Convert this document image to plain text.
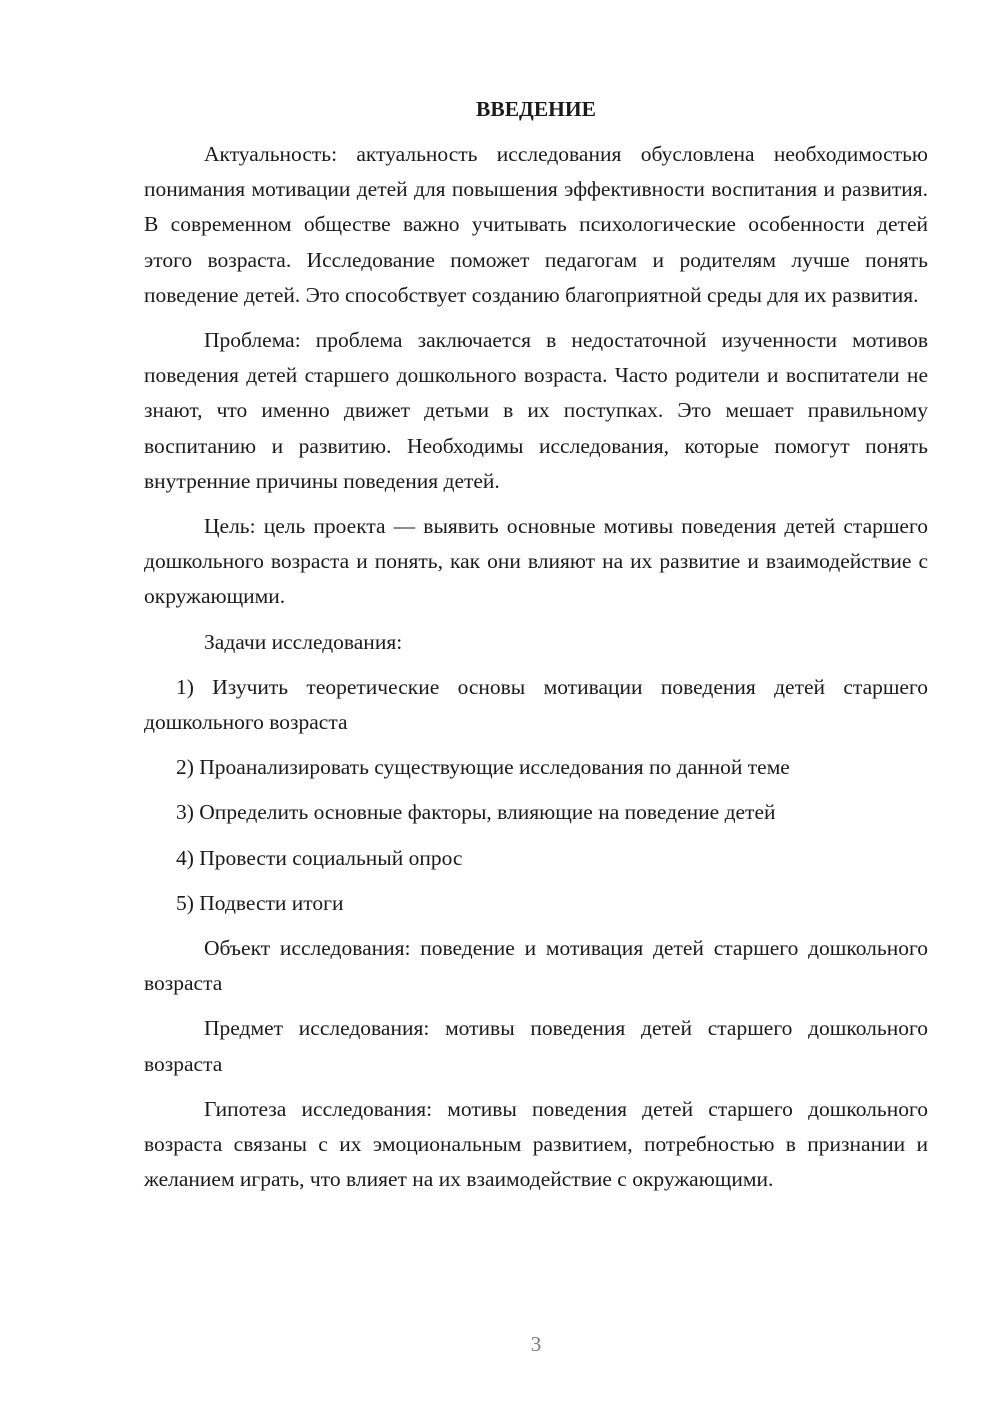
ВВЕДЕНИЕ

Актуальность: актуальность исследования обусловлена необходимостью понимания мотивации детей для повышения эффективности воспитания и развития. В современном обществе важно учитывать психологические особенности детей этого возраста. Исследование поможет педагогам и родителям лучше понять поведение детей. Это способствует созданию благоприятной среды для их развития.

Проблема: проблема заключается в недостаточной изученности мотивов поведения детей старшего дошкольного возраста. Часто родители и воспитатели не знают, что именно движет детьми в их поступках. Это мешает правильному воспитанию и развитию. Необходимы исследования, которые помогут понять внутренние причины поведения детей.

Цель: цель проекта — выявить основные мотивы поведения детей старшего дошкольного возраста и понять, как они влияют на их развитие и взаимодействие с окружающими.

Задачи исследования:

1) Изучить теоретические основы мотивации поведения детей старшего дошкольного возраста

2) Проанализировать существующие исследования по данной теме

3) Определить основные факторы, влияющие на поведение детей

4) Провести социальный опрос

5) Подвести итоги

Объект исследования: поведение и мотивация детей старшего дошкольного возраста

Предмет исследования: мотивы поведения детей старшего дошкольного возраста

Гипотеза исследования: мотивы поведения детей старшего дошкольного возраста связаны с их эмоциональным развитием, потребностью в признании и желанием играть, что влияет на их взаимодействие с окружающими.

3
